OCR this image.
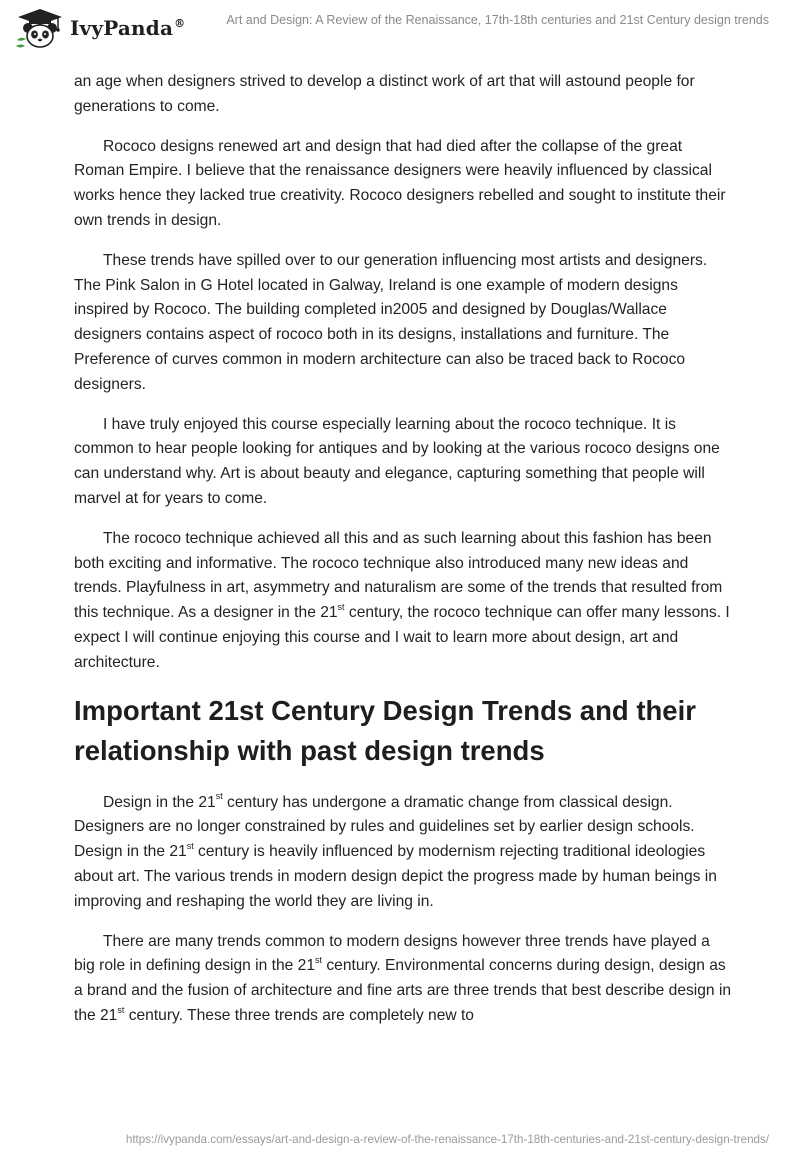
IvyPanda®	Art and Design: A Review of the Renaissance, 17th-18th centuries and 21st Century design trends

an age when designers strived to develop a distinct work of art that will astound people for generations to come.

Rococo designs renewed art and design that had died after the collapse of the great Roman Empire. I believe that the renaissance designers were heavily influenced by classical works hence they lacked true creativity. Rococo designers rebelled and sought to institute their own trends in design.

These trends have spilled over to our generation influencing most artists and designers. The Pink Salon in G Hotel located in Galway, Ireland is one example of modern designs inspired by Rococo. The building completed in2005 and designed by Douglas/Wallace designers contains aspect of rococo both in its designs, installations and furniture. The Preference of curves common in modern architecture can also be traced back to Rococo designers.

I have truly enjoyed this course especially learning about the rococo technique. It is common to hear people looking for antiques and by looking at the various rococo designs one can understand why. Art is about beauty and elegance, capturing something that people will marvel at for years to come.

The rococo technique achieved all this and as such learning about this fashion has been both exciting and informative. The rococo technique also introduced many new ideas and trends. Playfulness in art, asymmetry and naturalism are some of the trends that resulted from this technique. As a designer in the 21st century, the rococo technique can offer many lessons. I expect I will continue enjoying this course and I wait to learn more about design, art and architecture.

Important 21st Century Design Trends and their relationship with past design trends

Design in the 21st century has undergone a dramatic change from classical design. Designers are no longer constrained by rules and guidelines set by earlier design schools. Design in the 21st century is heavily influenced by modernism rejecting traditional ideologies about art. The various trends in modern design depict the progress made by human beings in improving and reshaping the world they are living in.

There are many trends common to modern designs however three trends have played a big role in defining design in the 21st century. Environmental concerns during design, design as a brand and the fusion of architecture and fine arts are three trends that best describe design in the 21st century. These three trends are completely new to

https://ivypanda.com/essays/art-and-design-a-review-of-the-renaissance-17th-18th-centuries-and-21st-century-design-trends/
